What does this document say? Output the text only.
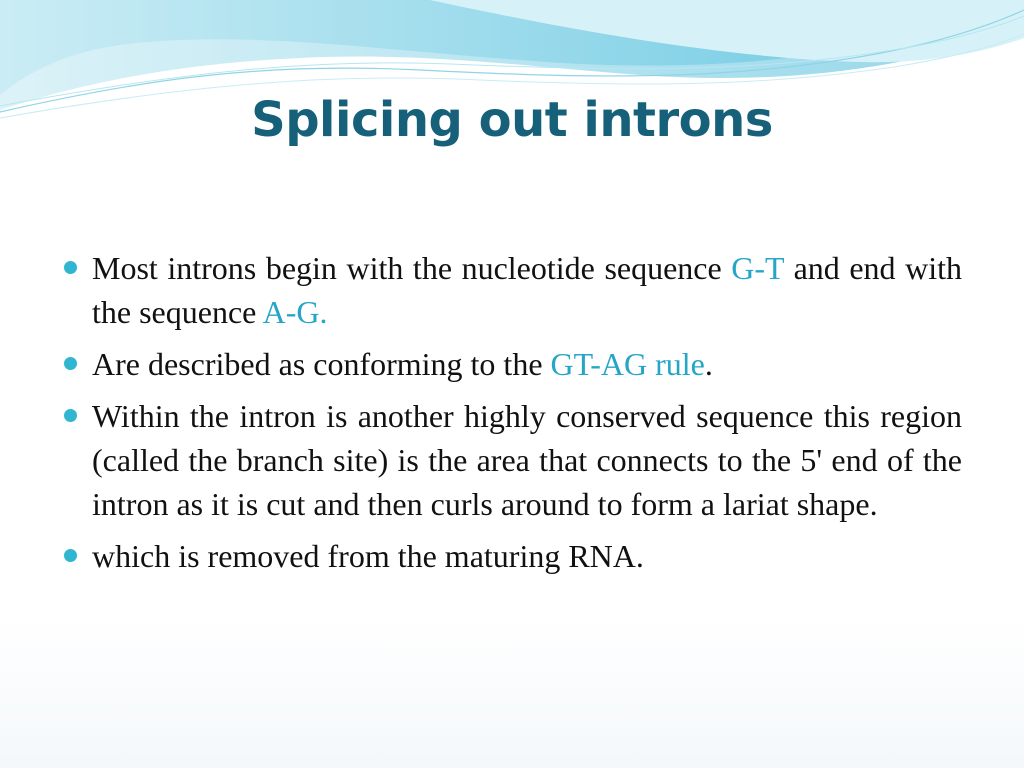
Splicing out introns
Most introns begin with the nucleotide sequence G-T and end with the sequence A-G.
Are described as conforming to the GT-AG rule.
Within the intron is another highly conserved sequence this region (called the branch site) is the area that connects to the 5' end of the intron as it is cut and then curls around to form a lariat shape.
which is removed from the maturing RNA.
